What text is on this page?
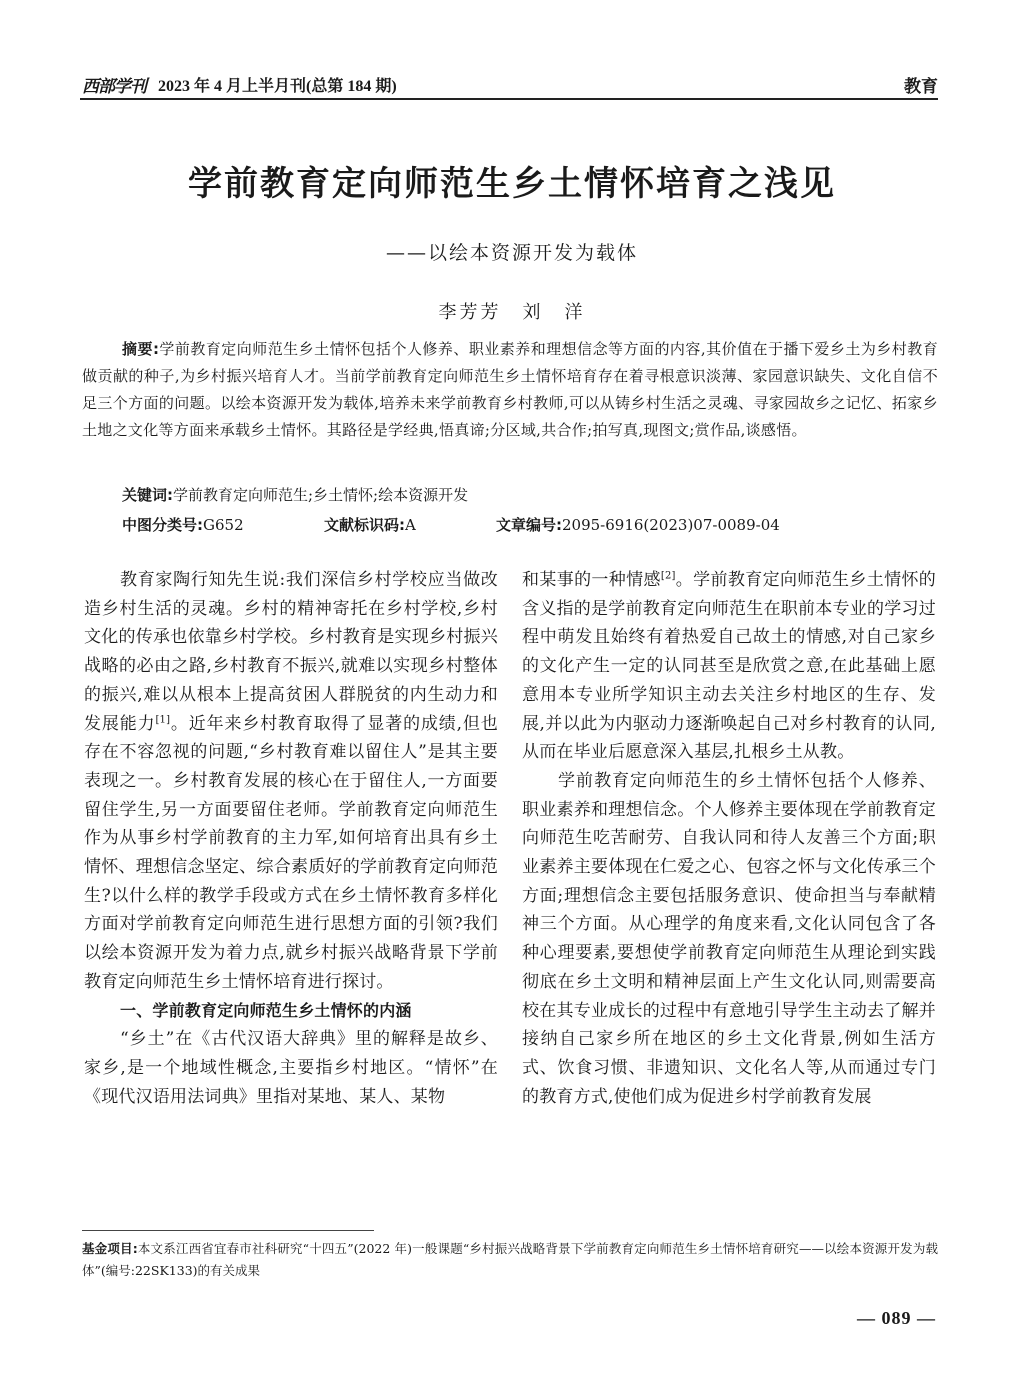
西部学刊 2023 年 4 月上半月刊(总第 184 期)	教育
学前教育定向师范生乡土情怀培育之浅见
——以绘本资源开发为载体
李芳芳　刘　洋

摘要:学前教育定向师范生乡土情怀包括个人修养、职业素养和理想信念等方面的内容,其价值在于播下爱乡土为乡村教育做贡献的种子,为乡村振兴培育人才。当前学前教育定向师范生乡土情怀培育存在着寻根意识淡薄、家园意识缺失、文化自信不足三个方面的问题。以绘本资源开发为载体,培养未来学前教育乡村教师,可以从铸乡村生活之灵魂、寻家园故乡之记忆、拓家乡土地之文化等方面来承载乡土情怀。其路径是学经典,悟真谛;分区域,共合作;拍写真,现图文;赏作品,谈感悟。

关键词:学前教育定向师范生;乡土情怀;绘本资源开发
中图分类号:G652	文献标识码:A	文章编号:2095-6916(2023)07-0089-04

教育家陶行知先生说:我们深信乡村学校应当做改造乡村生活的灵魂。乡村的精神寄托在乡村学校,乡村文化的传承也依靠乡村学校。乡村教育是实现乡村振兴战略的必由之路,乡村教育不振兴,就难以实现乡村整体的振兴,难以从根本上提高贫困人群脱贫的内生动力和发展能力[1]。近年来乡村教育取得了显著的成绩,但也存在不容忽视的问题,“乡村教育难以留住人”是其主要表现之一。乡村教育发展的核心在于留住人,一方面要留住学生,另一方面要留住老师。学前教育定向师范生作为从事乡村学前教育的主力军,如何培育出具有乡土情怀、理想信念坚定、综合素质好的学前教育定向师范生?以什么样的教学手段或方式在乡土情怀教育多样化方面对学前教育定向师范生进行思想方面的引领?我们以绘本资源开发为着力点,就乡村振兴战略背景下学前教育定向师范生乡土情怀培育进行探讨。

一、学前教育定向师范生乡土情怀的内涵

“乡土”在《古代汉语大辞典》里的解释是故乡、家乡,是一个地域性概念,主要指乡村地区。“情怀”在《现代汉语用法词典》里指对某地、某人、某物

和某事的一种情感[2]。学前教育定向师范生乡土情怀的含义指的是学前教育定向师范生在职前本专业的学习过程中萌发且始终有着热爱自己故土的情感,对自己家乡的文化产生一定的认同甚至是欣赏之意,在此基础上愿意用本专业所学知识主动去关注乡村地区的生存、发展,并以此为内驱动力逐渐唤起自己对乡村教育的认同,从而在毕业后愿意深入基层,扎根乡土从教。

学前教育定向师范生的乡土情怀包括个人修养、职业素养和理想信念。个人修养主要体现在学前教育定向师范生吃苦耐劳、自我认同和待人友善三个方面;职业素养主要体现在仁爱之心、包容之怀与文化传承三个方面;理想信念主要包括服务意识、使命担当与奉献精神三个方面。从心理学的角度来看,文化认同包含了各种心理要素,要想使学前教育定向师范生从理论到实践彻底在乡土文明和精神层面上产生文化认同,则需要高校在其专业成长的过程中有意地引导学生主动去了解并接纳自己家乡所在地区的乡土文化背景,例如生活方式、饮食习惯、非遗知识、文化名人等,从而通过专门的教育方式,使他们成为促进乡村学前教育发展

基金项目:本文系江西省宜春市社科研究“十四五”(2022 年)一般课题“乡村振兴战略背景下学前教育定向师范生乡土情怀培育研究——以绘本资源开发为载体”(编号:22SK133)的有关成果
— 089 —
